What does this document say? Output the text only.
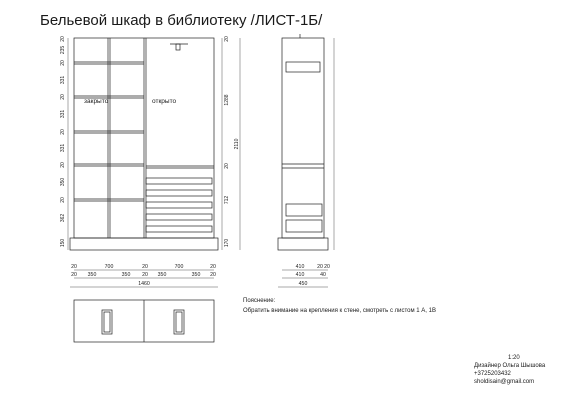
20
235
20
331
20
331
20
331
20
350
20
362
150
20
1288
20
712
170
2110
20	700	20	700	20
20 350	350 20 350	350 20
1460
410 20 20
410	40
450
Бельевой шкаф в библиотеку /ЛИСТ-1Б/
закрыто	открыто
Пояснение:
Обратить внимание на крепления к стене, смотреть с листом 1 А, 1В
1:20
Дизайнер Ольга Шышова
+3725203432
sholdisain@gmail.com
